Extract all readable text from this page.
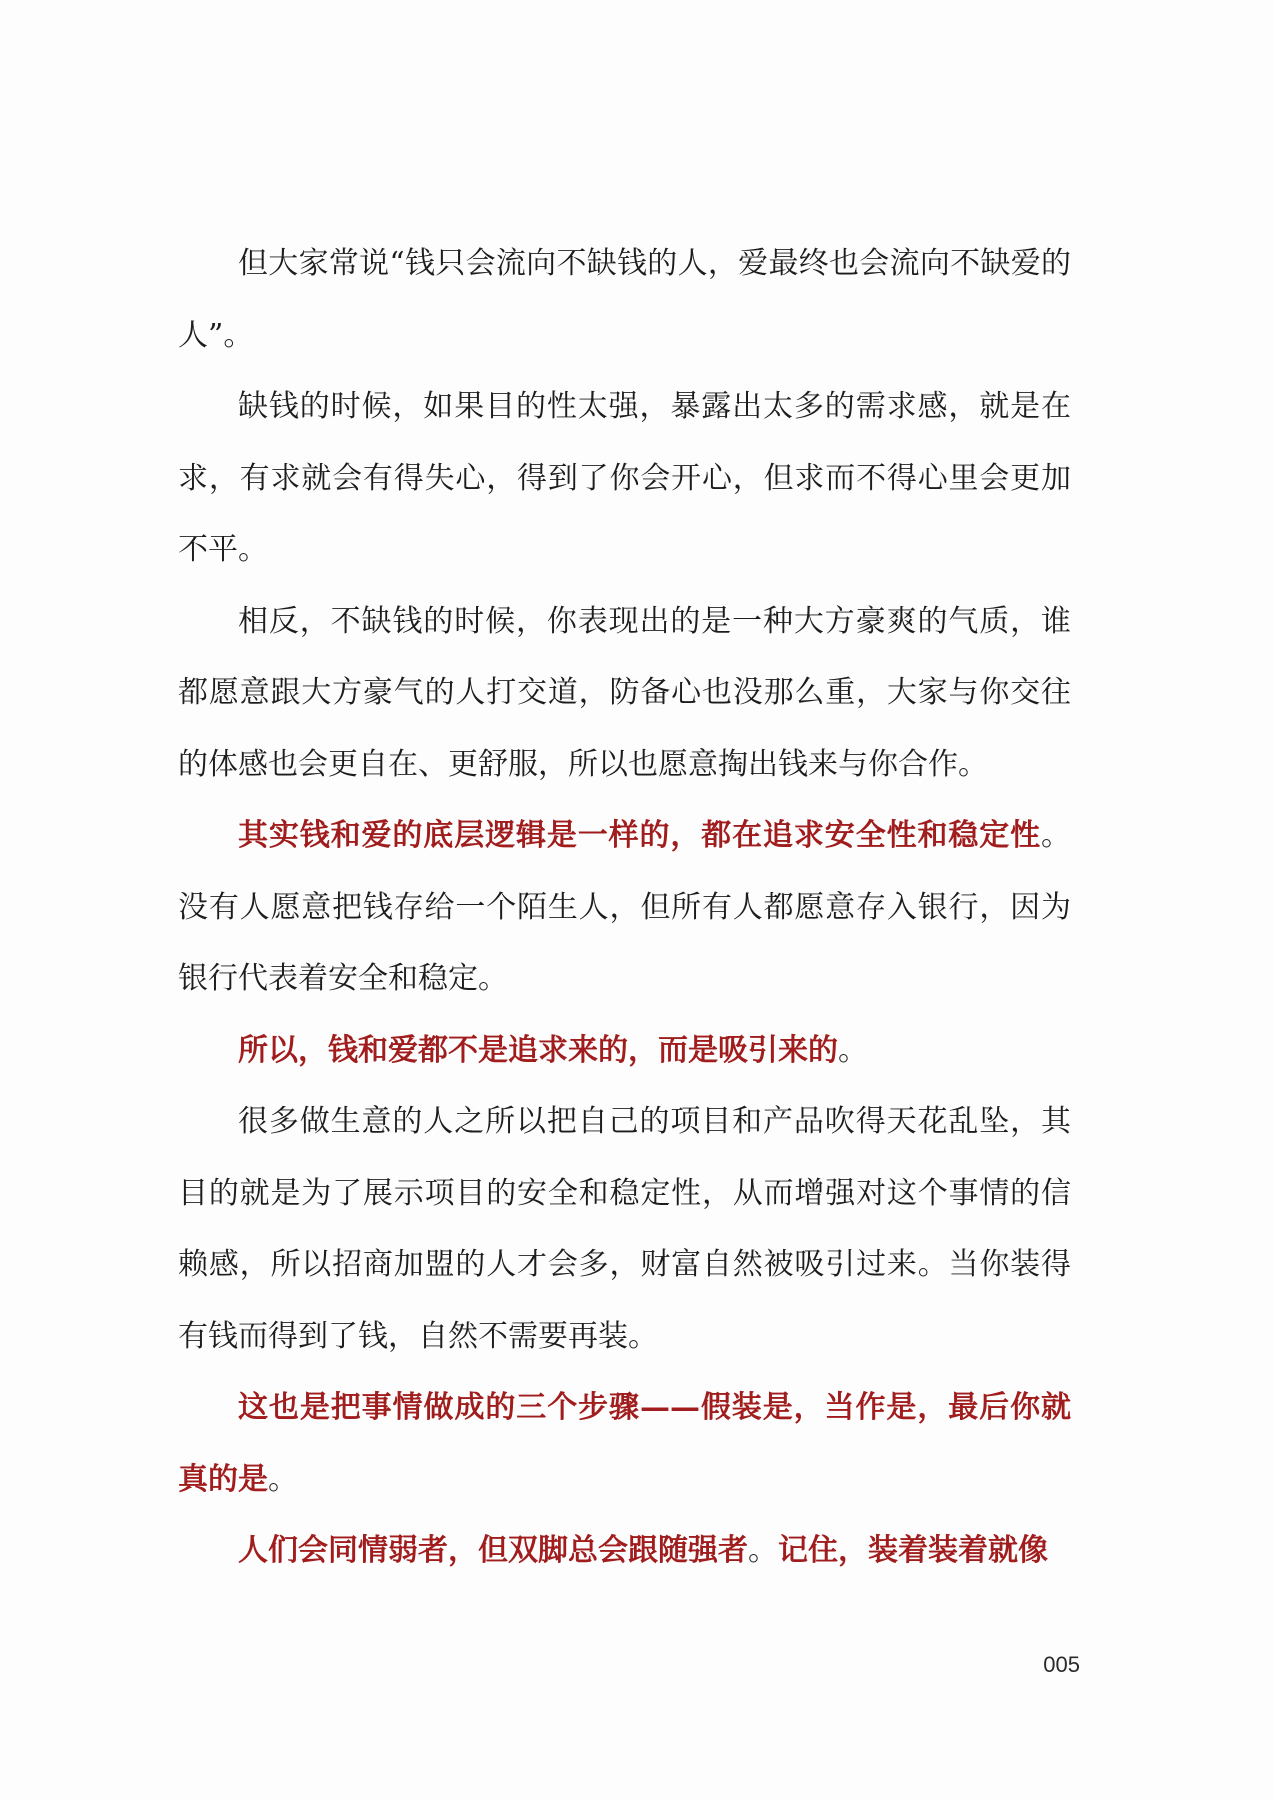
但大家常说“钱只会流向不缺钱的人，爱最终也会流向不缺爱的人”。

缺钱的时候，如果目的性太强，暴露出太多的需求感，就是在求，有求就会有得失心，得到了你会开心，但求而不得心里会更加不平。

相反，不缺钱的时候，你表现出的是一种大方豪爽的气质，谁都愿意跟大方豪气的人打交道，防备心也没那么重，大家与你交往的体感也会更自在、更舒服，所以也愿意掏出钱来与你合作。

其实钱和爱的底层逻辑是一样的，都在追求安全性和稳定性。没有人愿意把钱存给一个陌生人，但所有人都愿意存入银行，因为银行代表着安全和稳定。

所以，钱和爱都不是追求来的，而是吸引来的。

很多做生意的人之所以把自己的项目和产品吹得天花乱坠，其目的就是为了展示项目的安全和稳定性，从而增强对这个事情的信赖感，所以招商加盟的人才会多，财富自然被吸引过来。当你装得有钱而得到了钱，自然不需要再装。

这也是把事情做成的三个步骤——假装是，当作是，最后你就真的是。

人们会同情弱者，但双脚总会跟随强者。记住，装着装着就像

005
